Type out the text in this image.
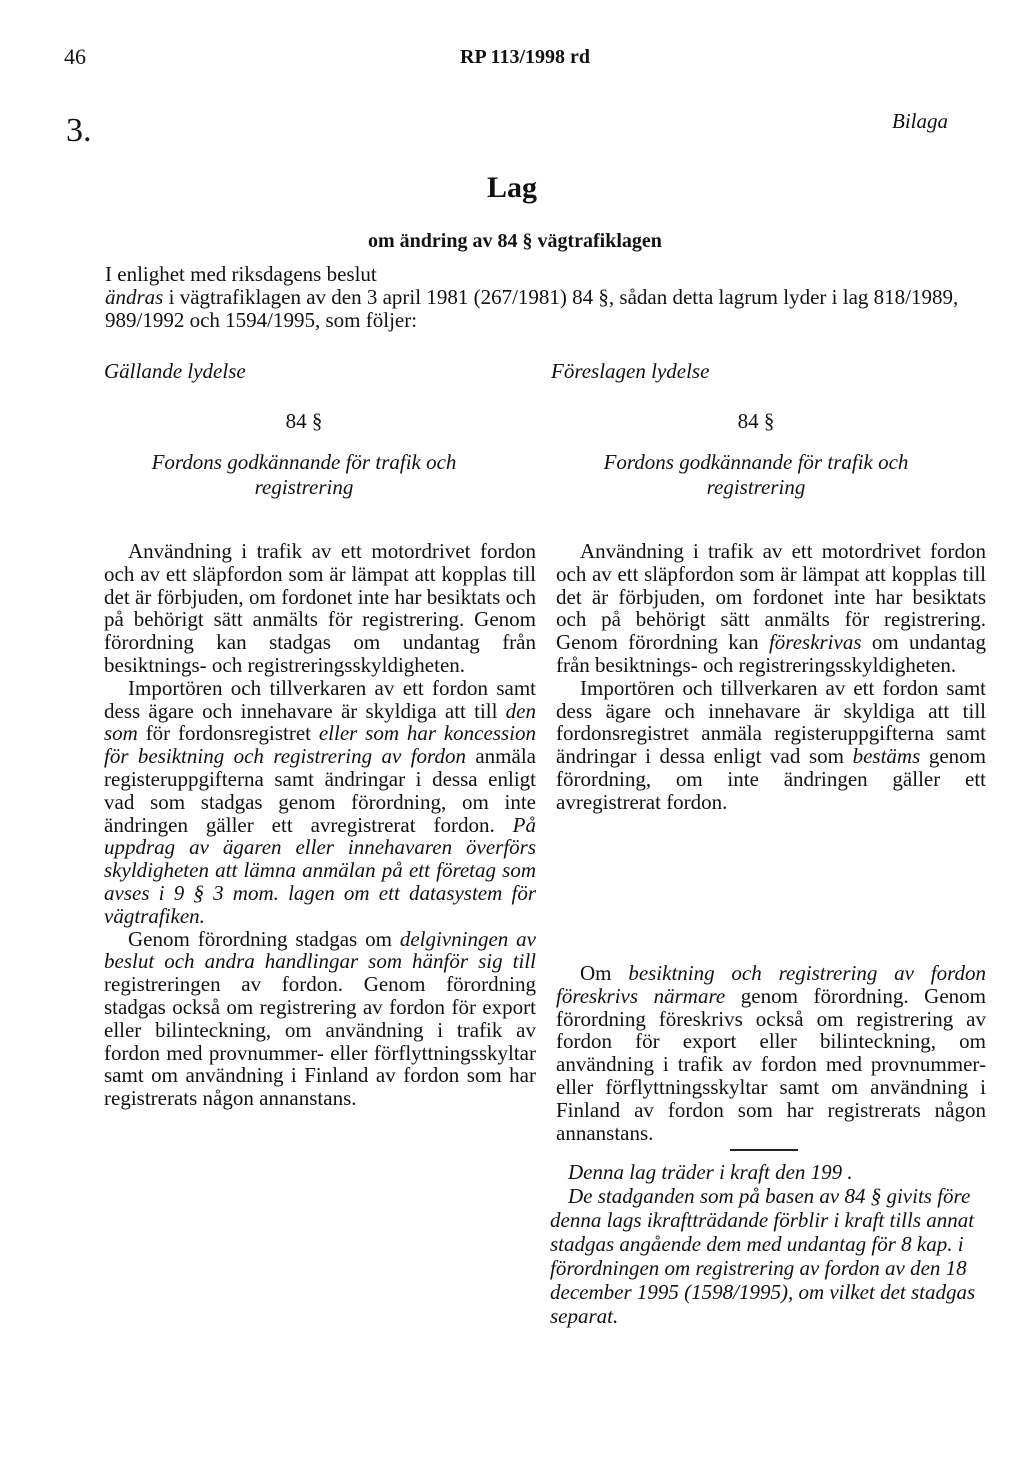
46	RP 113/1998 rd
3.	Bilaga
Lag
om ändring av 84 § vägtrafiklagen

I enlighet med riksdagens beslut

ändras i vägtrafiklagen av den 3 april 1981 (267/1981) 84 §, sådan detta lagrum lyder i lag 818/1989, 989/1992 och 1594/1995, som följer:

Gällande lydelse	Föreslagen lydelse
84 §	84 §
Fordons godkännande för trafik och registrering
Fordons godkännande för trafik och registrering

Användning i trafik av ett motordrivet fordon och av ett släpfordon som är lämpat att kopplas till det är förbjuden, om fordonet inte har besiktats och på behörigt sätt anmälts för registrering. Genom förordning kan stadgas om undantag från besiktnings- och registreringsskyldigheten.

Importören och tillverkaren av ett fordon samt dess ägare och innehavare är skyldiga att till den som för fordonsregistret eller som har koncession för besiktning och registrering av fordon anmäla registeruppgifterna samt ändringar i dessa enligt vad som stadgas genom förordning, om inte ändringen gäller ett avregistrerat fordon. På uppdrag av ägaren eller innehavaren överförs skyldigheten att lämna anmälan på ett företag som avses i 9 § 3 mom. lagen om ett datasystem för vägtrafiken.

Genom förordning stadgas om delgivningen av beslut och andra handlingar som hänför sig till registreringen av fordon. Genom förordning stadgas också om registrering av fordon för export eller bilinteckning, om användning i trafik av fordon med provnummer- eller förflyttningsskyltar samt om användning i Finland av fordon som har registrerats någon annanstans.

Användning i trafik av ett motordrivet fordon och av ett släpfordon som är lämpat att kopplas till det är förbjuden, om fordonet inte har besiktats och på behörigt sätt anmälts för registrering. Genom förordning kan föreskrivas om undantag från besiktnings- och registreringsskyldigheten.

Importören och tillverkaren av ett fordon samt dess ägare och innehavare är skyldiga att till fordonsregistret anmäla registeruppgifterna samt ändringar i dessa enligt vad som bestäms genom förordning, om inte ändringen gäller ett avregistrerat fordon.

Om besiktning och registrering av fordon föreskrivs närmare genom förordning. Genom förordning föreskrivs också om registrering av fordon för export eller bilinteckning, om användning i trafik av fordon med provnummer- eller förflyttningsskyltar samt om användning i Finland av fordon som har registrerats någon annanstans.

Denna lag träder i kraft den 199 .

De stadganden som på basen av 84 § givits före denna lags ikraftträdande förblir i kraft tills annat stadgas angående dem med undantag för 8 kap. i förordningen om registrering av fordon av den 18 december 1995 (1598/1995), om vilket det stadgas separat.
